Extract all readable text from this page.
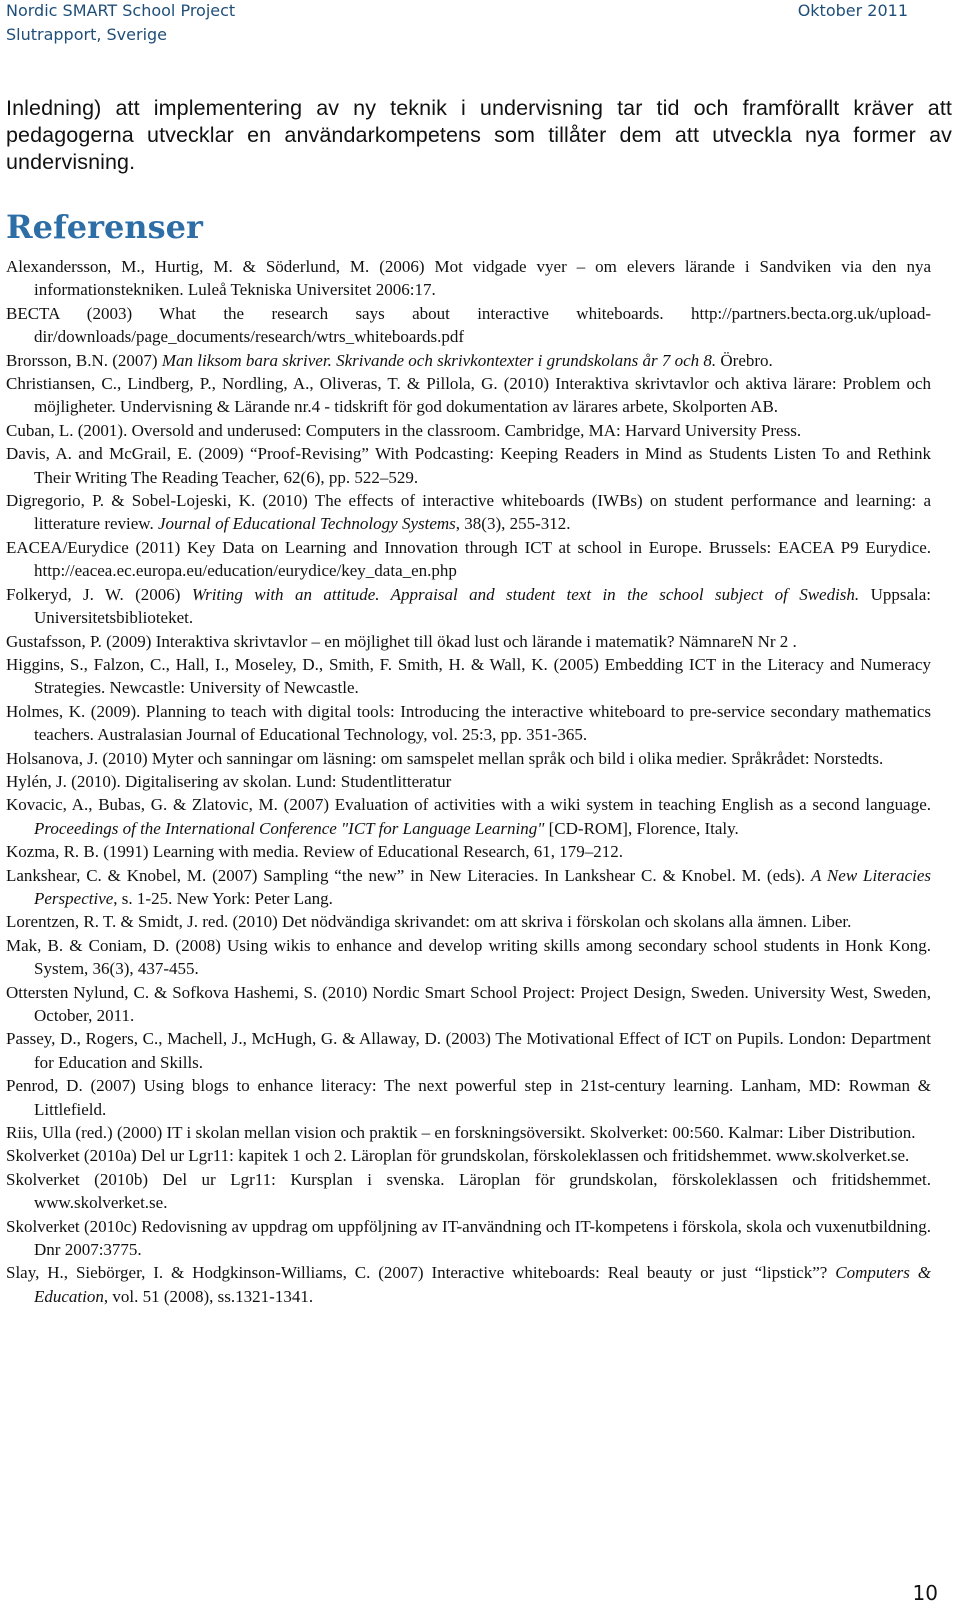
Nordic SMART School Project
Slutrapport, Sverige
Oktober 2011

Inledning) att implementering av ny teknik i undervisning tar tid och framförallt kräver att pedagogerna utvecklar en användarkompetens som tillåter dem att utveckla nya former av undervisning.

Referenser

Alexandersson, M., Hurtig, M. & Söderlund, M. (2006) Mot vidgade vyer – om elevers lärande i Sandviken via den nya informationstekniken. Luleå Tekniska Universitet 2006:17.

BECTA (2003) What the research says about interactive whiteboards. http://partners.becta.org.uk/upload-dir/downloads/page_documents/research/wtrs_whiteboards.pdf

Brorsson, B.N. (2007) Man liksom bara skriver. Skrivande och skrivkontexter i grundskolans år 7 och 8. Örebro.

Christiansen, C., Lindberg, P., Nordling, A., Oliveras, T. & Pillola, G. (2010) Interaktiva skrivtavlor och aktiva lärare: Problem och möjligheter. Undervisning & Lärande nr.4 - tidskrift för god dokumentation av lärares arbete, Skolporten AB.

Cuban, L. (2001). Oversold and underused: Computers in the classroom. Cambridge, MA: Harvard University Press.

Davis, A. and McGrail, E. (2009) “Proof-Revising” With Podcasting: Keeping Readers in Mind as Students Listen To and Rethink Their Writing The Reading Teacher, 62(6), pp. 522–529.

Digregorio, P. & Sobel-Lojeski, K. (2010) The effects of interactive whiteboards (IWBs) on student performance and learning: a litterature review. Journal of Educational Technology Systems, 38(3), 255-312.

EACEA/Eurydice (2011) Key Data on Learning and Innovation through ICT at school in Europe. Brussels: EACEA P9 Eurydice. http://eacea.ec.europa.eu/education/eurydice/key_data_en.php

Folkeryd, J. W. (2006) Writing with an attitude. Appraisal and student text in the school subject of Swedish. Uppsala: Universitetsbiblioteket.

Gustafsson, P. (2009) Interaktiva skrivtavlor – en möjlighet till ökad lust och lärande i matematik? NämnareN Nr 2 .

Higgins, S., Falzon, C., Hall, I., Moseley, D., Smith, F. Smith, H. & Wall, K. (2005) Embedding ICT in the Literacy and Numeracy Strategies. Newcastle: University of Newcastle.

Holmes, K. (2009). Planning to teach with digital tools: Introducing the interactive whiteboard to pre-service secondary mathematics teachers. Australasian Journal of Educational Technology, vol. 25:3, pp. 351-365.

Holsanova, J. (2010) Myter och sanningar om läsning: om samspelet mellan språk och bild i olika medier. Språkrådet: Norstedts.

Hylén, J. (2010). Digitalisering av skolan. Lund: Studentlitteratur

Kovacic, A., Bubas, G. & Zlatovic, M. (2007) Evaluation of activities with a wiki system in teaching English as a second language. Proceedings of the International Conference "ICT for Language Learning" [CD-ROM], Florence, Italy.

Kozma, R. B. (1991) Learning with media. Review of Educational Research, 61, 179–212.

Lankshear, C. & Knobel, M. (2007) Sampling “the new” in New Literacies. In Lankshear C. & Knobel. M. (eds). A New Literacies Perspective, s. 1-25. New York: Peter Lang.

Lorentzen, R. T. & Smidt, J. red. (2010) Det nödvändiga skrivandet: om att skriva i förskolan och skolans alla ämnen. Liber.

Mak, B. & Coniam, D. (2008) Using wikis to enhance and develop writing skills among secondary school students in Honk Kong. System, 36(3), 437-455.

Ottersten Nylund, C. & Sofkova Hashemi, S. (2010) Nordic Smart School Project: Project Design, Sweden. University West, Sweden, October, 2011.

Passey, D., Rogers, C., Machell, J., McHugh, G. & Allaway, D. (2003) The Motivational Effect of ICT on Pupils. London: Department for Education and Skills.

Penrod, D. (2007) Using blogs to enhance literacy: The next powerful step in 21st-century learning. Lanham, MD: Rowman & Littlefield.

Riis, Ulla (red.) (2000) IT i skolan mellan vision och praktik – en forskningsöversikt. Skolverket: 00:560. Kalmar: Liber Distribution.

Skolverket (2010a) Del ur Lgr11: kapitek 1 och 2. Läroplan för grundskolan, förskoleklassen och fritidshemmet. www.skolverket.se.

Skolverket (2010b) Del ur Lgr11: Kursplan i svenska. Läroplan för grundskolan, förskoleklassen och fritidshemmet. www.skolverket.se.

Skolverket (2010c) Redovisning av uppdrag om uppföljning av IT-användning och IT-kompetens i förskola, skola och vuxenutbildning. Dnr 2007:3775.

Slay, H., Siebörger, I. & Hodgkinson-Williams, C. (2007) Interactive whiteboards: Real beauty or just “lipstick”? Computers & Education, vol. 51 (2008), ss.1321-1341.

10
